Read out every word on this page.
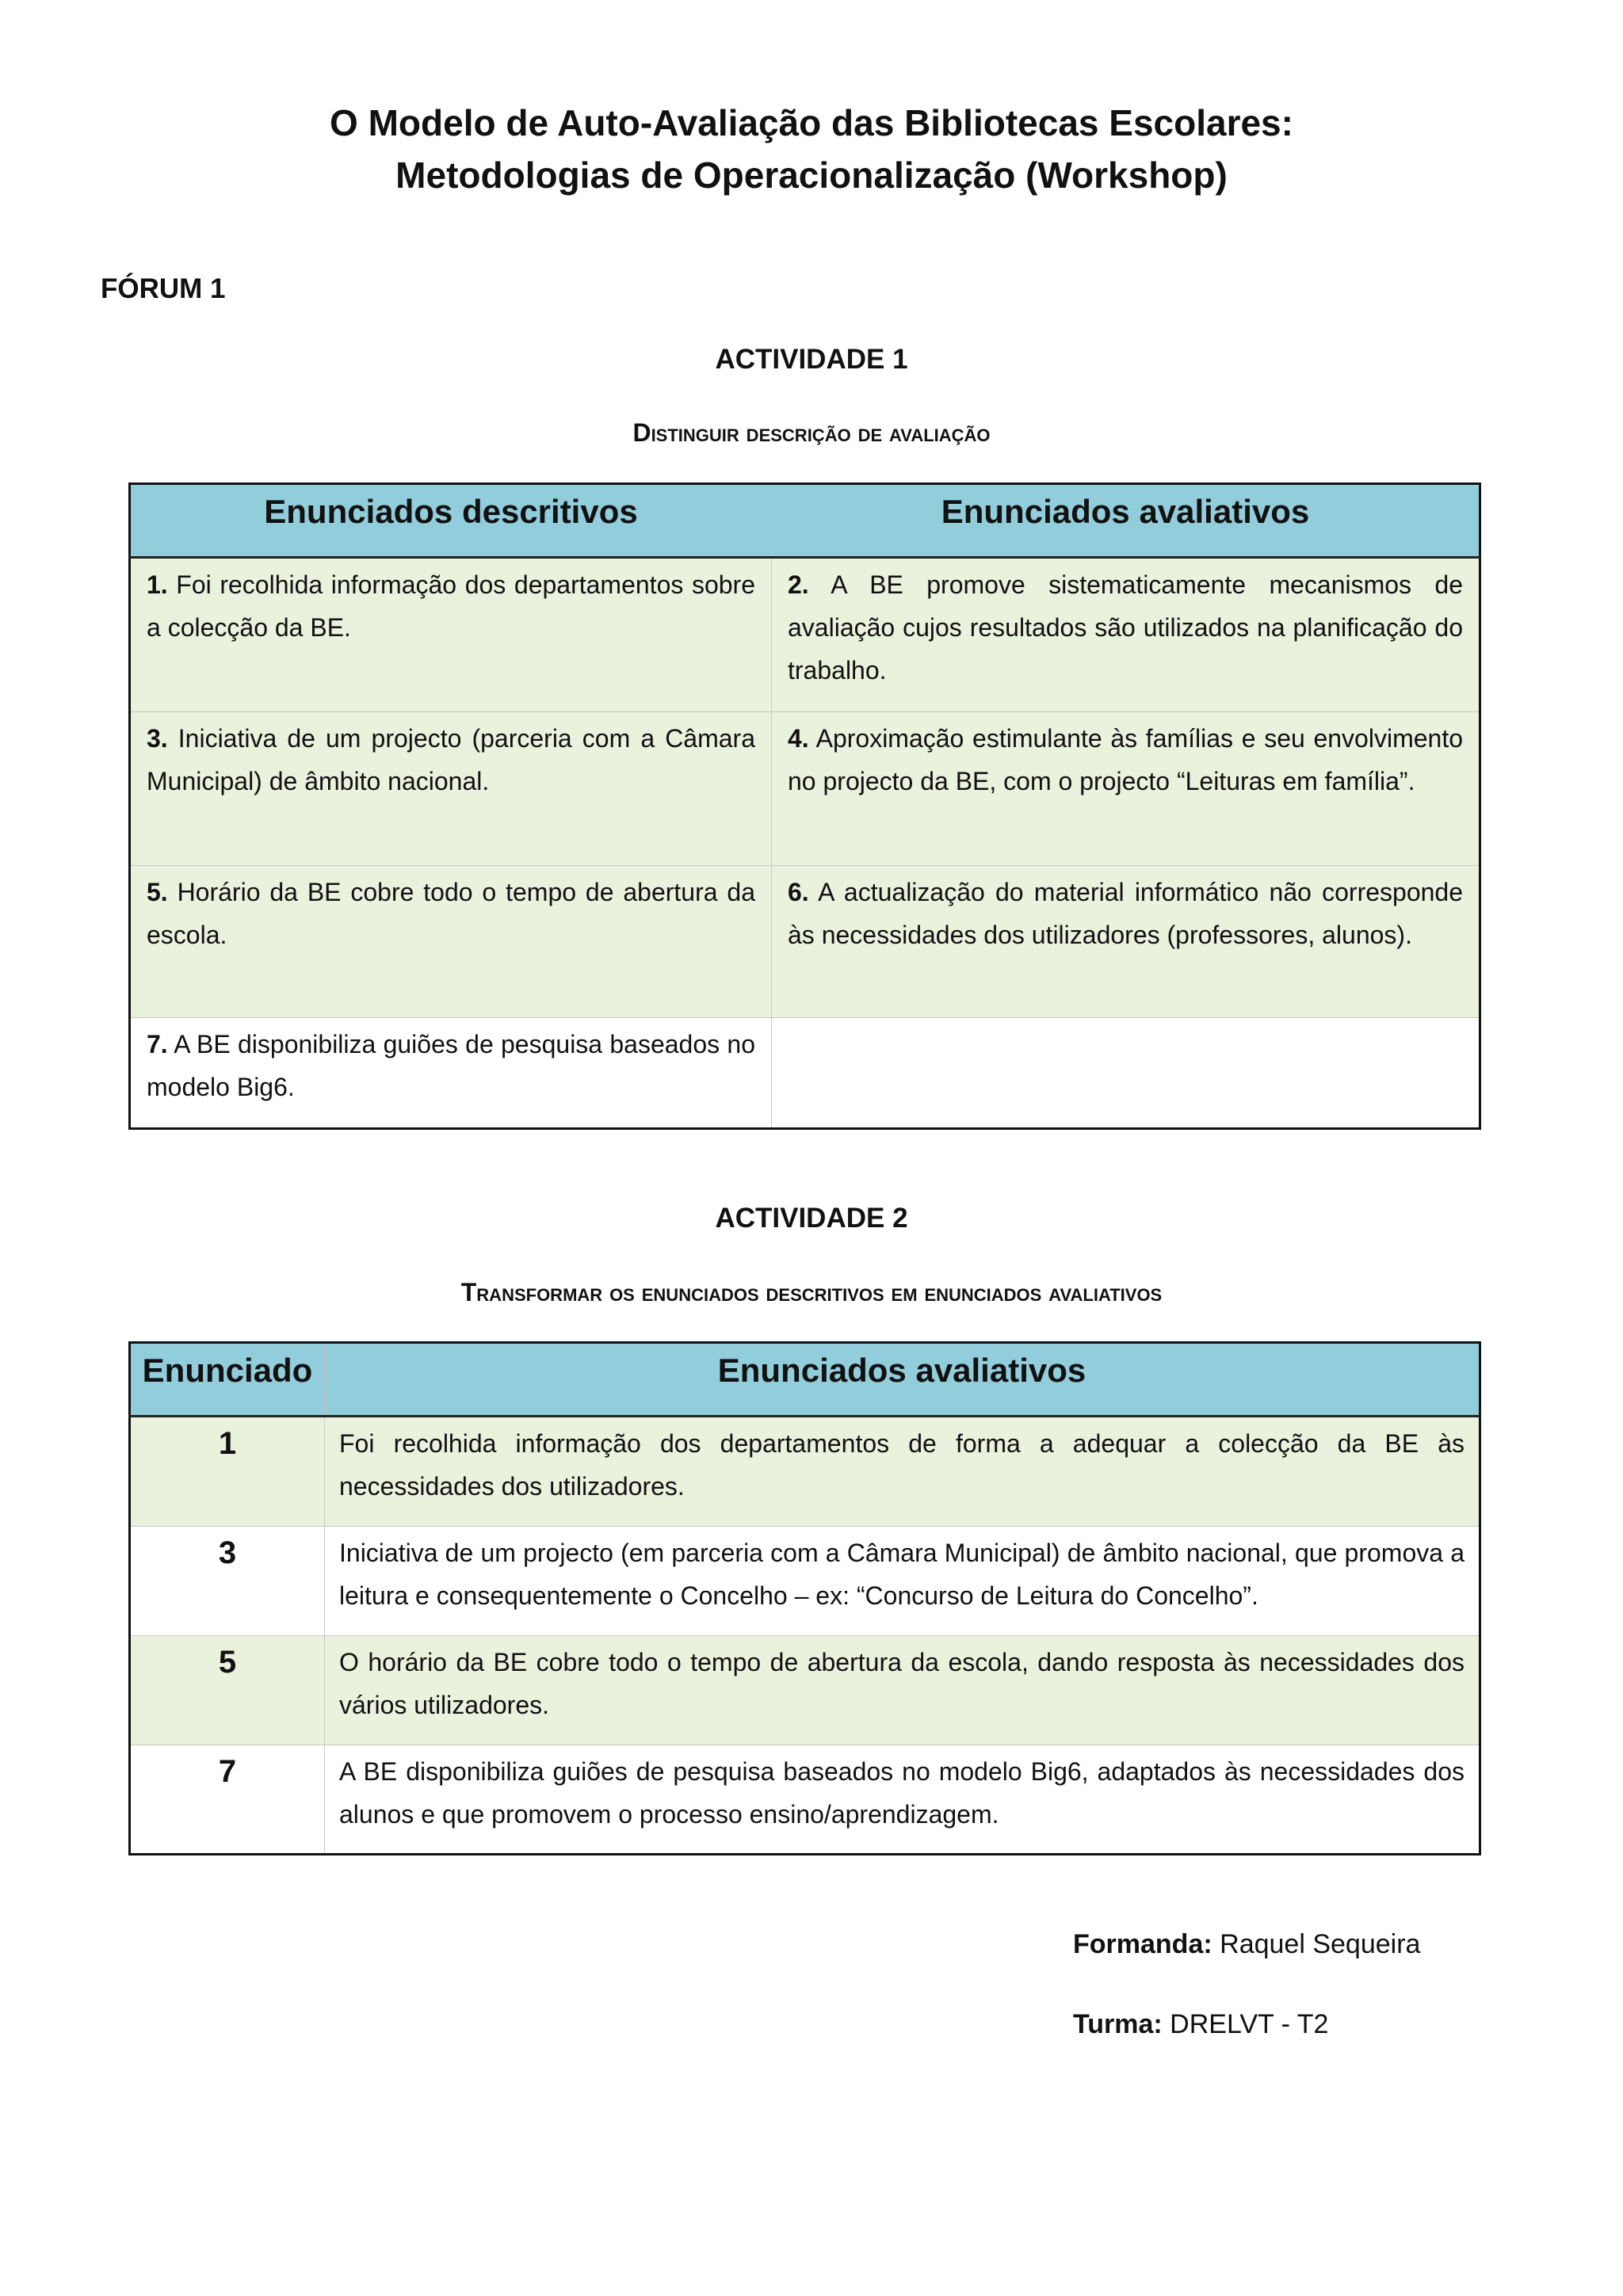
O Modelo de Auto-Avaliação das Bibliotecas Escolares:
Metodologias de Operacionalização (Workshop)
FÓRUM 1
ACTIVIDADE 1
Distinguir descrição de avaliação
Enunciados descritivos	Enunciados avaliativos
1. Foi recolhida informação dos departamentos sobre a colecção da BE.	2. A BE promove sistematicamente mecanismos de avaliação cujos resultados são utilizados na planificação do trabalho.
3. Iniciativa de um projecto (parceria com a Câmara Municipal) de âmbito nacional.	4. Aproximação estimulante às famílias e seu envolvimento no projecto da BE, com o projecto “Leituras em família”.
5. Horário da BE cobre todo o tempo de abertura da escola.	6. A actualização do material informático não corresponde às necessidades dos utilizadores (professores, alunos).
7. A BE disponibiliza guiões de pesquisa baseados no modelo Big6.	
ACTIVIDADE 2
Transformar os enunciados descritivos em enunciados avaliativos
Enunciado	Enunciados avaliativos
1	Foi recolhida informação dos departamentos de forma a adequar a colecção da BE às necessidades dos utilizadores.
3	Iniciativa de um projecto (em parceria com a Câmara Municipal) de âmbito nacional, que promova a leitura e consequentemente o Concelho – ex: “Concurso de Leitura do Concelho”.
5	O horário da BE cobre todo o tempo de abertura da escola, dando resposta às necessidades dos vários utilizadores.
7	A BE disponibiliza guiões de pesquisa baseados no modelo Big6, adaptados às necessidades dos alunos e que promovem o processo ensino/aprendizagem.
Formanda: Raquel Sequeira
Turma: DRELVT - T2
